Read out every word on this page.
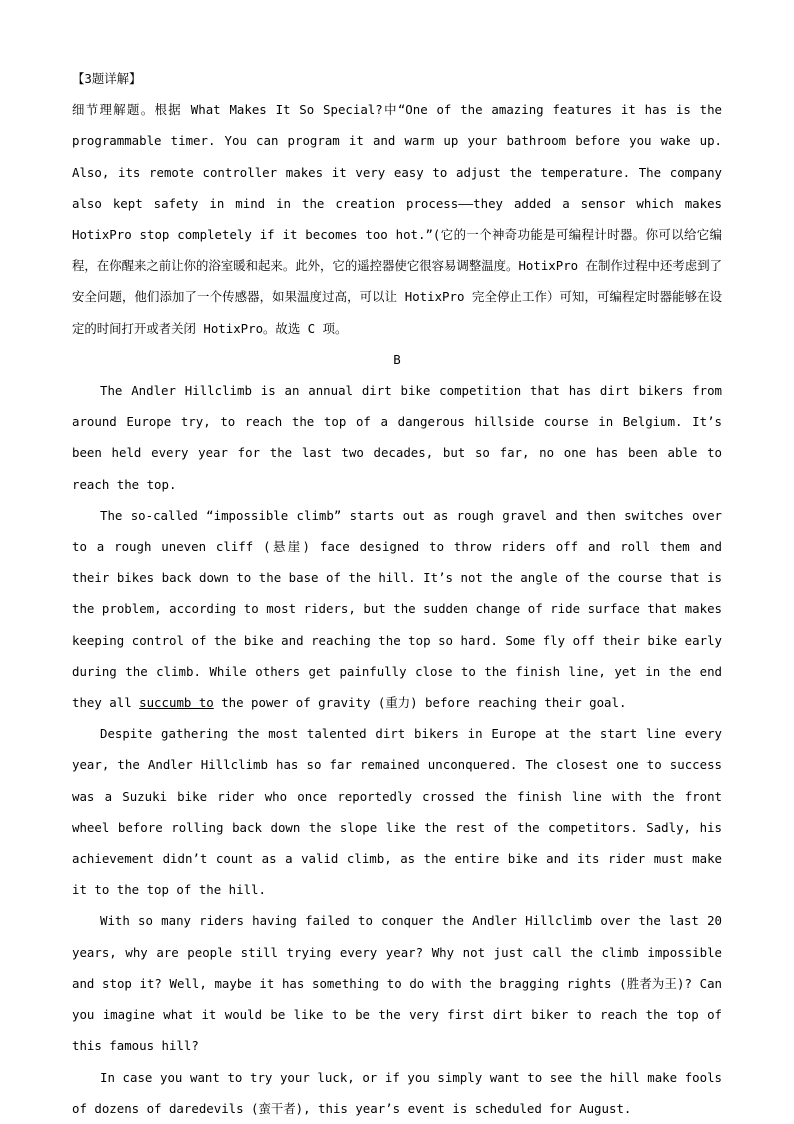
【3题详解】

细节理解题。根据 What Makes It So Special?中“One of the amazing features it has is the programmable timer. You can program it and warm up your bathroom before you wake up. Also, its remote controller makes it very easy to adjust the temperature. The company also kept safety in mind in the creation process——they added a sensor which makes HotixPro stop completely if it becomes too hot.”(它的一个神奇功能是可编程计时器。你可以给它编程，在你醒来之前让你的浴室暖和起来。此外，它的遥控器使它很容易调整温度。HotixPro 在制作过程中还考虑到了安全问题，他们添加了一个传感器，如果温度过高，可以让 HotixPro 完全停止工作）可知，可编程定时器能够在设定的时间打开或者关闭 HotixPro。故选 C 项。

B

The Andler Hillclimb is an annual dirt bike competition that has dirt bikers from around Europe try, to reach the top of a dangerous hillside course in Belgium. It’s been held every year for the last two decades, but so far, no one has been able to reach the top.

The so-called “impossible climb” starts out as rough gravel and then switches over to a rough uneven cliff (悬崖) face designed to throw riders off and roll them and their bikes back down to the base of the hill. It’s not the angle of the course that is the problem, according to most riders, but the sudden change of ride surface that makes keeping control of the bike and reaching the top so hard. Some fly off their bike early during the climb. While others get painfully close to the finish line, yet in the end they all succumb to the power of gravity (重力) before reaching their goal.

Despite gathering the most talented dirt bikers in Europe at the start line every year, the Andler Hillclimb has so far remained unconquered. The closest one to success was a Suzuki bike rider who once reportedly crossed the finish line with the front wheel before rolling back down the slope like the rest of the competitors. Sadly, his achievement didn’t count as a valid climb, as the entire bike and its rider must make it to the top of the hill.

With so many riders having failed to conquer the Andler Hillclimb over the last 20 years, why are people still trying every year? Why not just call the climb impossible and stop it? Well, maybe it has something to do with the bragging rights (胜者为王)? Can you imagine what it would be like to be the very first dirt biker to reach the top of this famous hill?

In case you want to try your luck, or if you simply want to see the hill make fools of dozens of daredevils (蛮干者), this year’s event is scheduled for August.
